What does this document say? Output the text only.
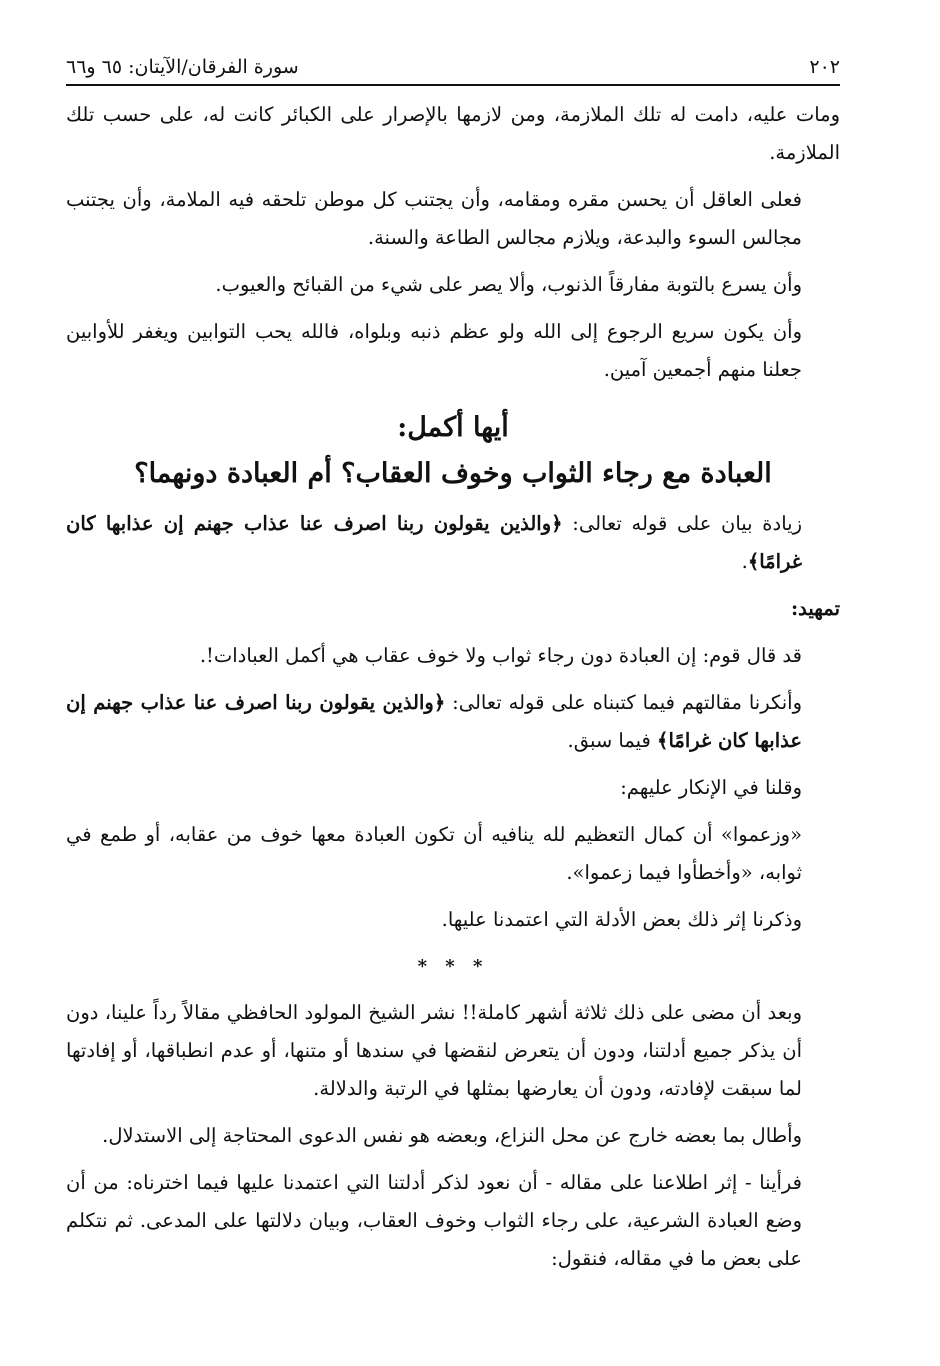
٢٠٢
سورة الفرقان/الآيتان: ٦٥ و٦٦

ومات عليه، دامت له تلك الملازمة، ومن لازمها بالإصرار على الكبائر كانت له، على حسب تلك الملازمة.

فعلى العاقل أن يحسن مقره ومقامه، وأن يجتنب كل موطن تلحقه فيه الملامة، وأن يجتنب مجالس السوء والبدعة، ويلازم مجالس الطاعة والسنة.

وأن يسرع بالتوبة مفارقاً الذنوب، وألا يصر على شيء من القبائح والعيوب.

وأن يكون سريع الرجوع إلى الله ولو عظم ذنبه وبلواه، فالله يحب التوابين ويغفر للأوابين جعلنا منهم أجمعين آمين.

أيها أكمل:
العبادة مع رجاء الثواب وخوف العقاب؟ أم العبادة دونهما؟

زيادة بيان على قوله تعالى: ﴿والذين يقولون ربنا اصرف عنا عذاب جهنم إن عذابها كان غرامًا﴾.

تمهيد:

قد قال قوم: إن العبادة دون رجاء ثواب ولا خوف عقاب هي أكمل العبادات!.

وأنكرنا مقالتهم فيما كتبناه على قوله تعالى: ﴿والذين يقولون ربنا اصرف عنا عذاب جهنم إن عذابها كان غرامًا﴾ فيما سبق.

وقلنا في الإنكار عليهم:

«وزعموا» أن كمال التعظيم لله ينافيه أن تكون العبادة معها خوف من عقابه، أو طمع في ثوابه، «وأخطأوا فيما زعموا».

وذكرنا إثر ذلك بعض الأدلة التي اعتمدنا عليها.

* * *

وبعد أن مضى على ذلك ثلاثة أشهر كاملة!! نشر الشيخ المولود الحافظي مقالاً رداً علينا، دون أن يذكر جميع أدلتنا، ودون أن يتعرض لنقضها في سندها أو متنها، أو عدم انطباقها، أو إفادتها لما سبقت لإفادته، ودون أن يعارضها بمثلها في الرتبة والدلالة.

وأطال بما بعضه خارج عن محل النزاع، وبعضه هو نفس الدعوى المحتاجة إلى الاستدلال.

فرأينا - إثر اطلاعنا على مقاله - أن نعود لذكر أدلتنا التي اعتمدنا عليها فيما اخترناه: من أن وضع العبادة الشرعية، على رجاء الثواب وخوف العقاب، وبيان دلالتها على المدعى. ثم نتكلم على بعض ما في مقاله، فنقول:
